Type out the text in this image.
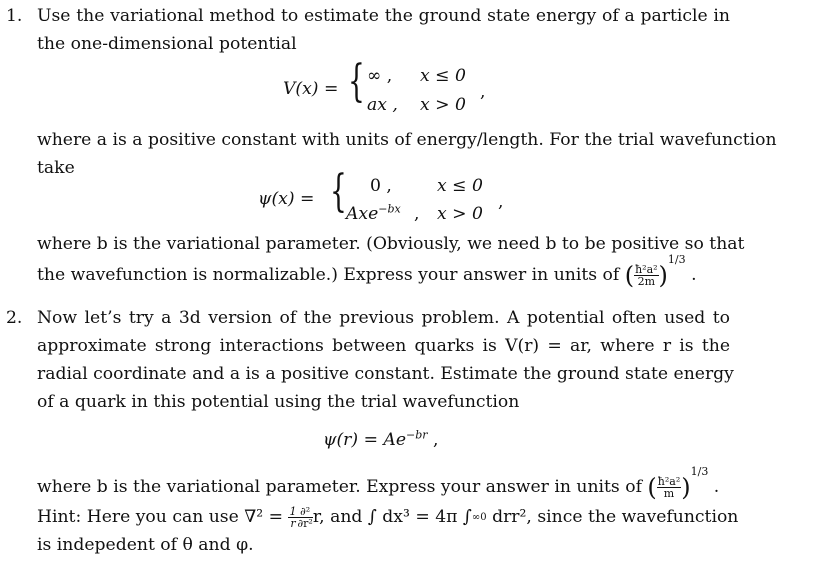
1. Use the variational method to estimate the ground state energy of a particle in
the one-dimensional potential
V(x) = { ∞ , x ≤ 0
ax , x > 0
,
where a is a positive constant with units of energy/length. For the trial wavefunction
take
ψ(x) = { 0 ,	x ≤ 0
Axe$^{-bx}$ , x > 0
,
where b is the variational parameter. (Obviously, we need b to be positive so that
the wavefunction is normalizable.) Express your answer in units of ( $\frac{\text{ħ²a²}}{2m} )^{1/3}$ .
2. Now let’s try a 3d version of the previous problem. A potential often used to
approximate strong interactions between quarks is V(r) = ar, where r is the
radial coordinate and a is a positive constant. Estimate the ground state energy
of a quark in this potential using the trial wavefunction
$\psi(r) = Ae^{-br}$ ,
where b is the variational parameter. Express your answer in units of ( $\frac{\text{ħ²a²}}{m} )^{1/3}$ .
Hint: Here you can use $\nabla^2 = \frac{1}{r} \frac{\text{∂²}}{\text{∂r²}} r$, and ∫ dx³ = 4π ∫∞0 drr², since the wavefunction
is indepedent of θ and φ.
